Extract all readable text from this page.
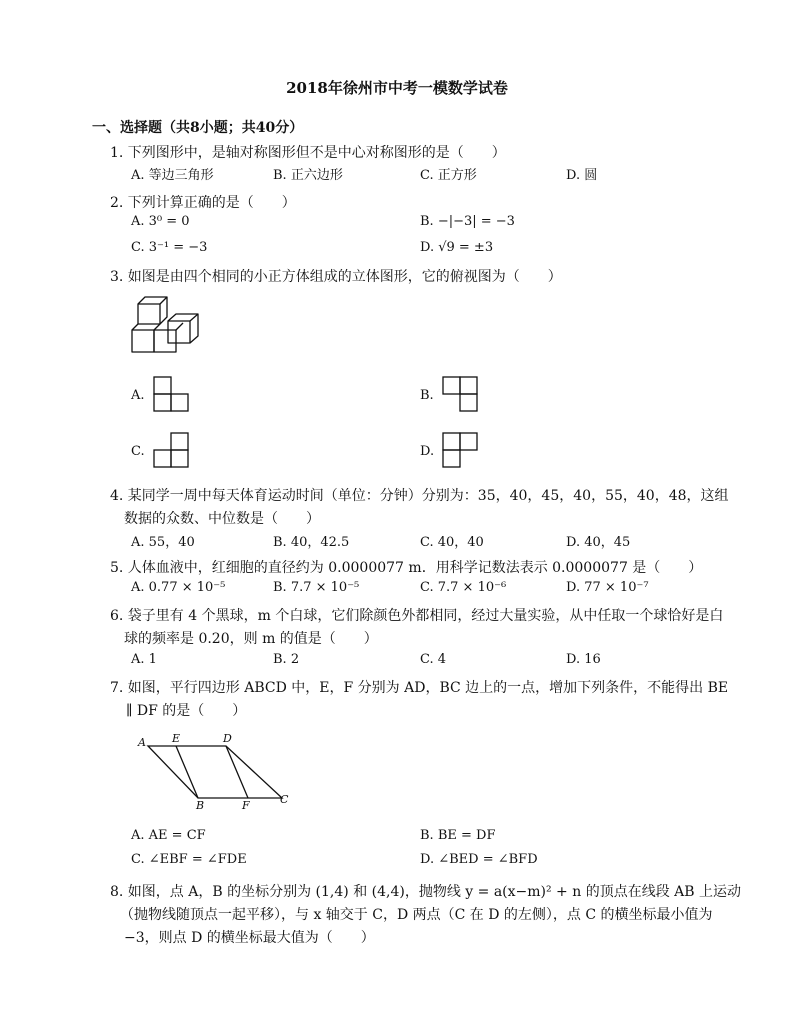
2018年徐州市中考一模数学试卷
一、选择题（共8小题；共40分）
1. 下列图形中，是轴对称图形但不是中心对称图形的是（　　）
A. 等边三角形	B. 正六边形	C. 正方形	D. 圆
2. 下列计算正确的是（　　）
A. 3⁰ = 0	B. −|−3| = −3
C. 3⁻¹ = −3	D. √9 = ±3
3. 如图是由四个相同的小正方体组成的立体图形，它的俯视图为（　　）
A.	B.
C.	D.
4. 某同学一周中每天体育运动时间（单位：分钟）分别为：35，40，45，40，55，40，48，这组
数据的众数、中位数是（　　）
A. 55，40	B. 40，42.5	C. 40，40	D. 40，45
5. 人体血液中，红细胞的直径约为 0.0000077 m．用科学记数法表示 0.0000077 是（　　）
A. 0.77 × 10⁻⁵	B. 7.7 × 10⁻⁵	C. 7.7 × 10⁻⁶	D. 77 × 10⁻⁷
6. 袋子里有 4 个黑球，m 个白球，它们除颜色外都相同，经过大量实验，从中任取一个球恰好是白
球的频率是 0.20，则 m 的值是（　　）
A. 1	B. 2	C. 4	D. 16
7. 如图，平行四边形 ABCD 中，E，F 分别为 AD，BC 边上的一点，增加下列条件，不能得出 BE
∥ DF 的是（　　）
A E	D
B	F	C
A. AE = CF	B. BE = DF
C. ∠EBF = ∠FDE	D. ∠BED = ∠BFD
8. 如图，点 A，B 的坐标分别为 (1,4) 和 (4,4)，抛物线 y = a(x−m)² + n 的顶点在线段 AB 上运动
（抛物线随顶点一起平移），与 x 轴交于 C，D 两点（C 在 D 的左侧），点 C 的横坐标最小值为
−3，则点 D 的横坐标最大值为（　　）
